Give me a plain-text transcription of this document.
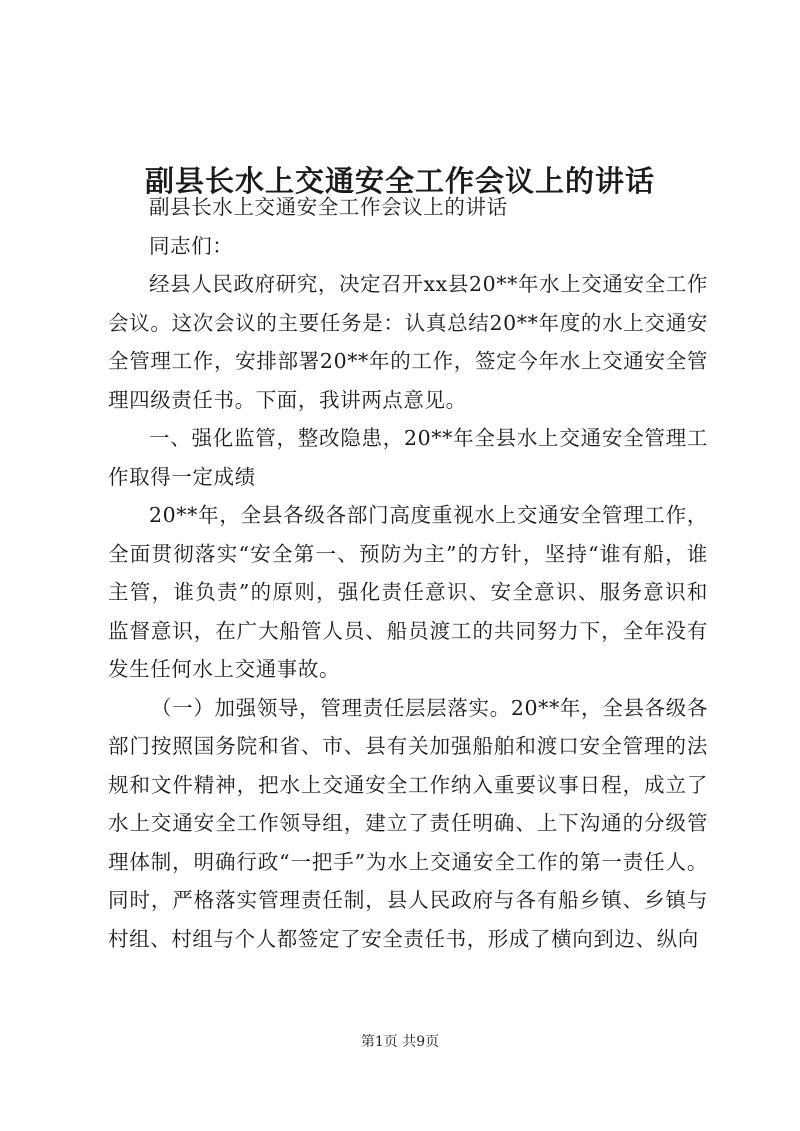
副县长水上交通安全工作会议上的讲话

副县长水上交通安全工作会议上的讲话

同志们：

经县人民政府研究，决定召开xx县20**年水上交通安全工作会议。这次会议的主要任务是：认真总结20**年度的水上交通安全管理工作，安排部署20**年的工作，签定今年水上交通安全管理四级责任书。下面，我讲两点意见。

一、强化监管，整改隐患，20**年全县水上交通安全管理工作取得一定成绩

20**年，全县各级各部门高度重视水上交通安全管理工作，全面贯彻落实“安全第一、预防为主”的方针，坚持“谁有船，谁主管，谁负责”的原则，强化责任意识、安全意识、服务意识和监督意识，在广大船管人员、船员渡工的共同努力下，全年没有发生任何水上交通事故。

（一）加强领导，管理责任层层落实。20**年，全县各级各部门按照国务院和省、市、县有关加强船舶和渡口安全管理的法规和文件精神，把水上交通安全工作纳入重要议事日程，成立了水上交通安全工作领导组，建立了责任明确、上下沟通的分级管理体制，明确行政“一把手”为水上交通安全工作的第一责任人。同时，严格落实管理责任制，县人民政府与各有船乡镇、乡镇与村组、村组与个人都签定了安全责任书，形成了横向到边、纵向

第1页 共9页
